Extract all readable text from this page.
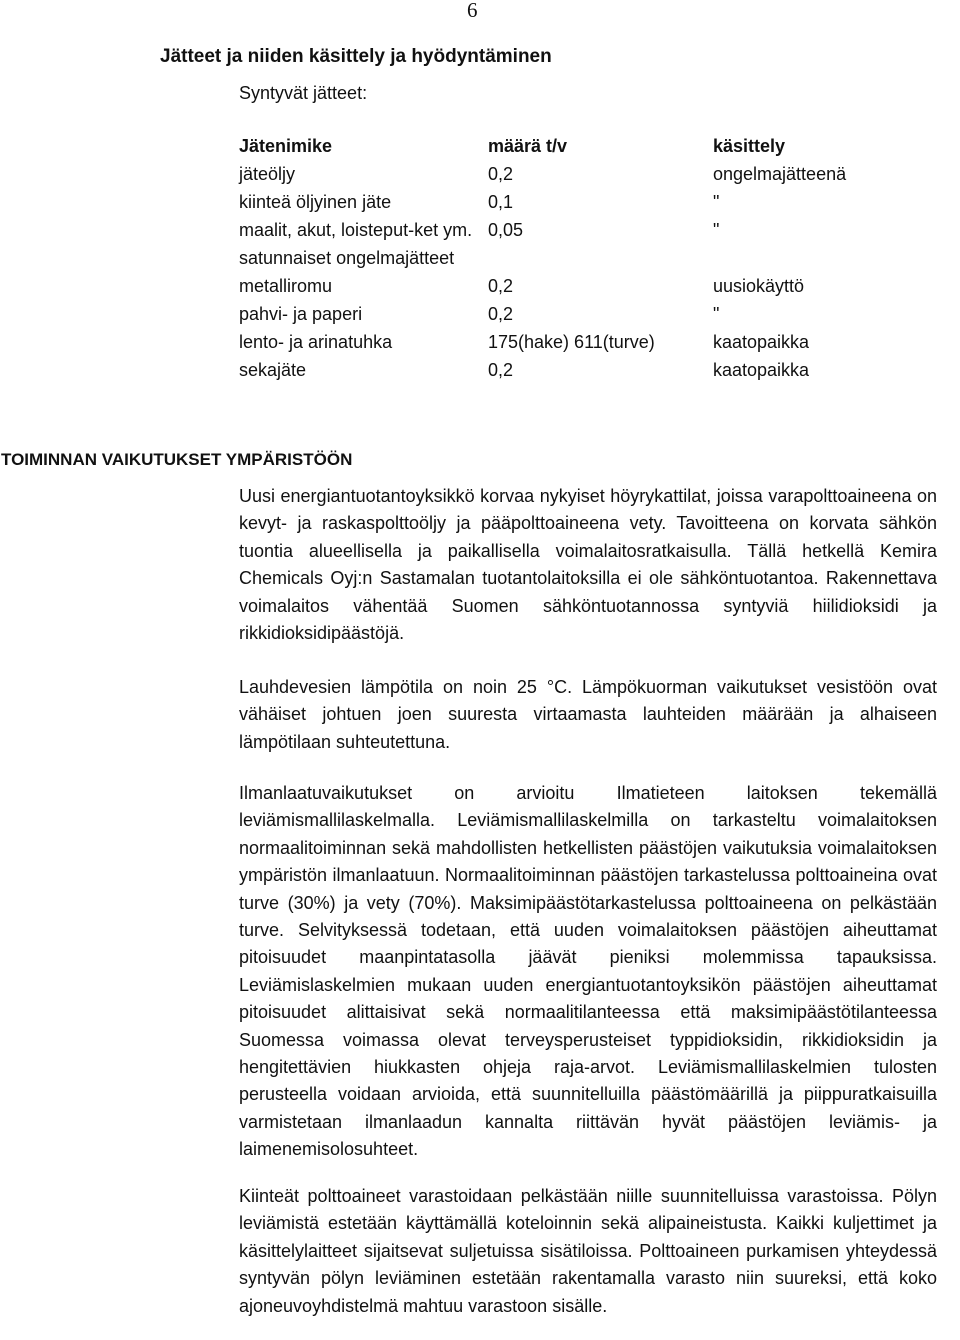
6
Jätteet ja niiden käsittely ja hyödyntäminen
Syntyvät jätteet:
Jätenimike	määrä t/v	käsittely
jäteöljy	0,2	ongelmajätteenä
kiinteä öljyinen jäte	0,1	"
maalit, akut, loisteput-ket ym. satunnaiset ongelmajätteet	0,05	"
metalliromu	0,2	uusiokäyttö
pahvi- ja paperi	0,2	"
lento- ja arinatuhka	175(hake) 611(turve)	kaatopaikka
sekajäte	0,2	kaatopaikka
TOIMINNAN VAIKUTUKSET YMPÄRISTÖÖN

Uusi energiantuotantoyksikkö korvaa nykyiset höyrykattilat, joissa varapolttoaineena on kevyt- ja raskaspolttoöljy ja pääpolttoaineena vety. Tavoitteena on korvata sähkön tuontia alueellisella ja paikallisella voimalaitosratkaisulla. Tällä hetkellä Kemira Chemicals Oyj:n Sastamalan tuotantolaitoksilla ei ole sähköntuotantoa. Rakennettava voimalaitos vähentää Suomen sähköntuotannossa syntyviä hiilidioksidi ja rikkidioksidipäästöjä.

Lauhdevesien lämpötila on noin 25 °C. Lämpökuorman vaikutukset vesistöön ovat vähäiset johtuen joen suuresta virtaamasta lauhteiden määrään ja alhaiseen lämpötilaan suhteutettuna.

Ilmanlaatuvaikutukset on arvioitu Ilmatieteen laitoksen tekemällä leviämismallilaskelmalla. Leviämismallilaskelmilla on tarkasteltu voimalaitoksen normaalitoiminnan sekä mahdollisten hetkellisten päästöjen vaikutuksia voimalaitoksen ympäristön ilmanlaatuun. Normaalitoiminnan päästöjen tarkastelussa polttoaineina ovat turve (30%) ja vety (70%). Maksimipäästötarkastelussa polttoaineena on pelkästään turve. Selvityksessä todetaan, että uuden voimalaitoksen päästöjen aiheuttamat pitoisuudet maanpintatasolla jäävät pieniksi molemmissa tapauksissa. Leviämislaskelmien mukaan uuden energiantuotantoyksikön päästöjen aiheuttamat pitoisuudet alittaisivat sekä normaalitilanteessa että maksimipäästötilanteessa Suomessa voimassa olevat terveysperusteiset typpidioksidin, rikkidioksidin ja hengitettävien hiukkasten ohjeja raja-arvot. Leviämismallilaskelmien tulosten perusteella voidaan arvioida, että suunnitelluilla päästömäärillä ja piippuratkaisuilla varmistetaan ilmanlaadun kannalta riittävän hyvät päästöjen leviämis- ja laimenemisolosuhteet.

Kiinteät polttoaineet varastoidaan pelkästään niille suunnitelluissa varastoissa. Pölyn leviämistä estetään käyttämällä koteloinnin sekä alipaineistusta. Kaikki kuljettimet ja käsittelylaitteet sijaitsevat suljetuissa sisätiloissa. Polttoaineen purkamisen yhteydessä syntyvän pölyn leviäminen estetään rakentamalla varasto niin suureksi, että koko ajoneuvoyhdistelmä mahtuu varastoon sisälle.
